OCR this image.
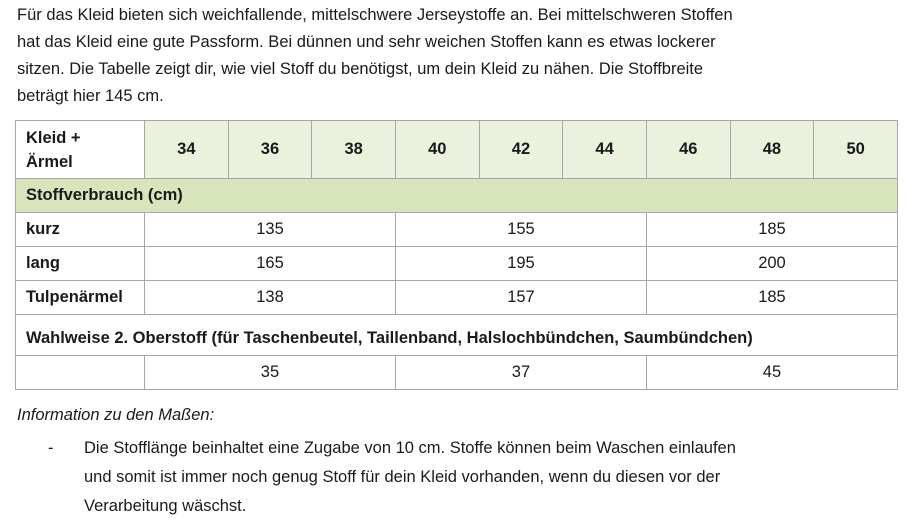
Für das Kleid bieten sich weichfallende, mittelschwere Jerseystoffe an. Bei mittelschweren Stoffen

hat das Kleid eine gute Passform. Bei dünnen und sehr weichen Stoffen kann es etwas lockerer

sitzen. Die Tabelle zeigt dir, wie viel Stoff du benötigst, um dein Kleid zu nähen. Die Stoffbreite

beträgt hier 145 cm.

Kleid +
Ärmel	34	36	38	40	42	44	46	48	50
Stoffverbrauch (cm)									
kurz	135			155			185		
lang	165			195			200		
Tulpenärmel	138			157			185		

Wahlweise 2. Oberstoff (für Taschenbeutel, Taillenband, Halslochbündchen, Saumbündchen)									
	35			37			45		

Information zu den Maßen:

- Die Stofflänge beinhaltet eine Zugabe von 10 cm. Stoffe können beim Waschen einlaufen
und somit ist immer noch genug Stoff für dein Kleid vorhanden, wenn du diesen vor der
Verarbeitung wäschst.
